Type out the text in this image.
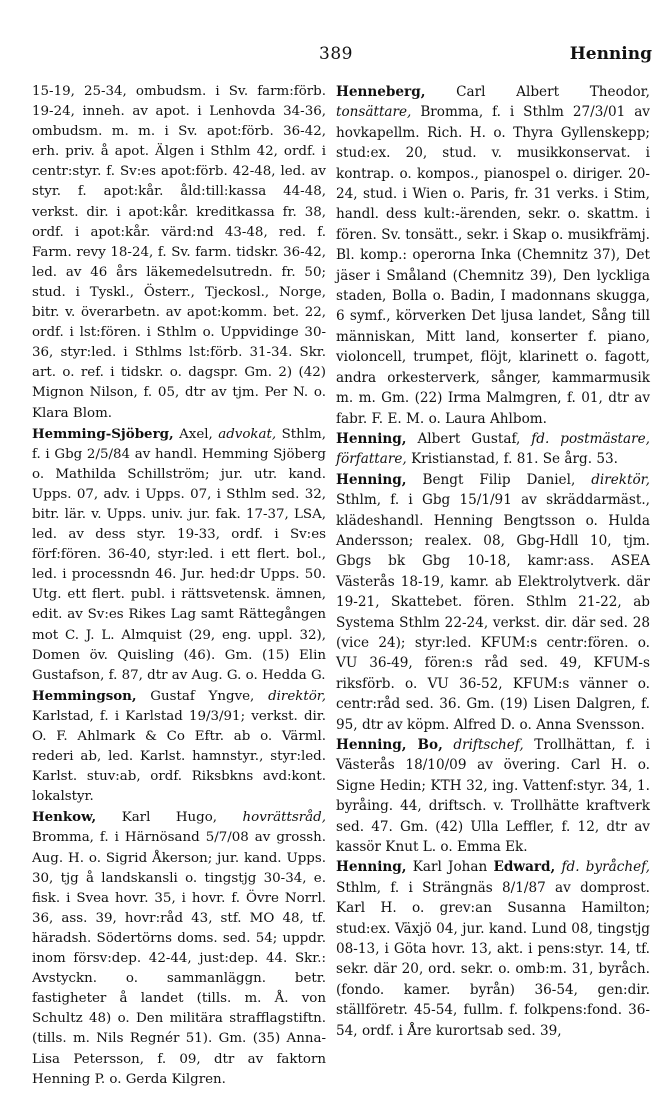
389	Henning

15-19, 25-34, ombudsm. i Sv. farm:förb. 19-24, inneh. av apot. i Lenhovda 34-36, ombudsm. m. m. i Sv. apot:förb. 36-42, erh. priv. å apot. Älgen i Sthlm 42, ordf. i centr:styr. f. Sv:es apot:förb. 42-48, led. av styr. f. apot:kår. åld:till:kassa 44-48, verkst. dir. i apot:kår. kreditkassa fr. 38, ordf. i apot:kår. värd:nd 43-48, red. f. Farm. revy 18-24, f. Sv. farm. tidskr. 36-42, led. av 46 års läkemedelsutredn. fr. 50; stud. i Tyskl., Österr., Tjeckosl., Norge, bitr. v. överarbetn. av apot:komm. bet. 22, ordf. i lst:fören. i Sthlm o. Uppvidinge 30-36, styr:led. i Sthlms lst:förb. 31-34. Skr. art. o. ref. i tidskr. o. dagspr. Gm. 2) (42) Mignon Nilson, f. 05, dtr av tjm. Per N. o. Klara Blom.

Hemming-Sjöberg, Axel, advokat, Sthlm, f. i Gbg 2/5/84 av handl. Hemming Sjöberg o. Mathilda Schillström; jur. utr. kand. Upps. 07, adv. i Upps. 07, i Sthlm sed. 32, bitr. lär. v. Upps. univ. jur. fak. 17-37, LSA, led. av dess styr. 19-33, ordf. i Sv:es förf:fören. 36-40, styr:led. i ett flert. bol., led. i processndn 46. Jur. hed:dr Upps. 50. Utg. ett flert. publ. i rättsvetensk. ämnen, edit. av Sv:es Rikes Lag samt Rättegången mot C. J. L. Almquist (29, eng. uppl. 32), Domen öv. Quisling (46). Gm. (15) Elin Gustafson, f. 87, dtr av Aug. G. o. Hedda G.

Hemmingson, Gustaf Yngve, direktör, Karlstad, f. i Karlstad 19/3/91; verkst. dir. O. F. Ahlmark & Co Eftr. ab o. Värml. rederi ab, led. Karlst. hamnstyr., styr:led. Karlst. stuv:ab, ordf. Riksbkns avd:kont. lokalstyr.

Henkow, Karl Hugo, hovrättsråd, Bromma, f. i Härnösand 5/7/08 av grossh. Aug. H. o. Sigrid Åkerson; jur. kand. Upps. 30, tjg å landskansli o. tingstjg 30-34, e. fisk. i Svea hovr. 35, i hovr. f. Övre Norrl. 36, ass. 39, hovr:råd 43, stf. MO 48, tf. häradsh. Södertörns doms. sed. 54; uppdr. inom försv:dep. 42-44, just:dep. 44. Skr.: Avstyckn. o. sammanläggn. betr. fastigheter å landet (tills. m. Å. von Schultz 48) o. Den militära strafflagstiftn. (tills. m. Nils Regnér 51). Gm. (35) Anna-Lisa Petersson, f. 09, dtr av faktorn Henning P. o. Gerda Kilgren.

Henneberg, Carl Albert Theodor, tonsättare, Bromma, f. i Sthlm 27/3/01 av hovkapellm. Rich. H. o. Thyra Gyllenskepp; stud:ex. 20, stud. v. musikkonservat. i kontrap. o. kompos., pianospel o. diriger. 20-24, stud. i Wien o. Paris, fr. 31 verks. i Stim, handl. dess kult:-ärenden, sekr. o. skattm. i fören. Sv. tonsätt., sekr. i Skap o. musikfrämj. Bl. komp.: operorna Inka (Chemnitz 37), Det jäser i Småland (Chemnitz 39), Den lyckliga staden, Bolla o. Badin, I madonnans skugga, 6 symf., körverken Det ljusa landet, Sång till människan, Mitt land, konserter f. piano, violoncell, trumpet, flöjt, klarinett o. fagott, andra orkesterverk, sånger, kammarmusik m. m. Gm. (22) Irma Malmgren, f. 01, dtr av fabr. F. E. M. o. Laura Ahlbom.

Henning, Albert Gustaf, fd. postmästare, författare, Kristianstad, f. 81. Se årg. 53.

Henning, Bengt Filip Daniel, direktör, Sthlm, f. i Gbg 15/1/91 av skräddarmäst., klädeshandl. Henning Bengtsson o. Hulda Andersson; realex. 08, Gbg-Hdll 10, tjm. Gbgs bk Gbg 10-18, kamr:ass. ASEA Västerås 18-19, kamr. ab Elektrolytverk. där 19-21, Skattebet. fören. Sthlm 21-22, ab Systema Sthlm 22-24, verkst. dir. där sed. 28 (vice 24); styr:led. KFUM:s centr:fören. o. VU 36-49, fören:s råd sed. 49, KFUM-s riksförb. o. VU 36-52, KFUM:s vänner o. centr:råd sed. 36. Gm. (19) Lisen Dalgren, f. 95, dtr av köpm. Alfred D. o. Anna Svensson.

Henning, Bo, driftschef, Trollhättan, f. i Västerås 18/10/09 av övering. Carl H. o. Signe Hedin; KTH 32, ing. Vattenf:styr. 34, 1. byråing. 44, driftsch. v. Trollhätte kraftverk sed. 47. Gm. (42) Ulla Leffler, f. 12, dtr av kassör Knut L. o. Emma Ek.

Henning, Karl Johan Edward, fd. byråchef, Sthlm, f. i Strängnäs 8/1/87 av domprost. Karl H. o. grev:an Susanna Hamilton; stud:ex. Växjö 04, jur. kand. Lund 08, tingstjg 08-13, i Göta hovr. 13, akt. i pens:styr. 14, tf. sekr. där 20, ord. sekr. o. omb:m. 31, byråch. (fondo. kamer. byrån) 36-54, gen:dir. ställföretr. 45-54, fullm. f. folkpens:fond. 36-54, ordf. i Åre kurortsab sed. 39,
